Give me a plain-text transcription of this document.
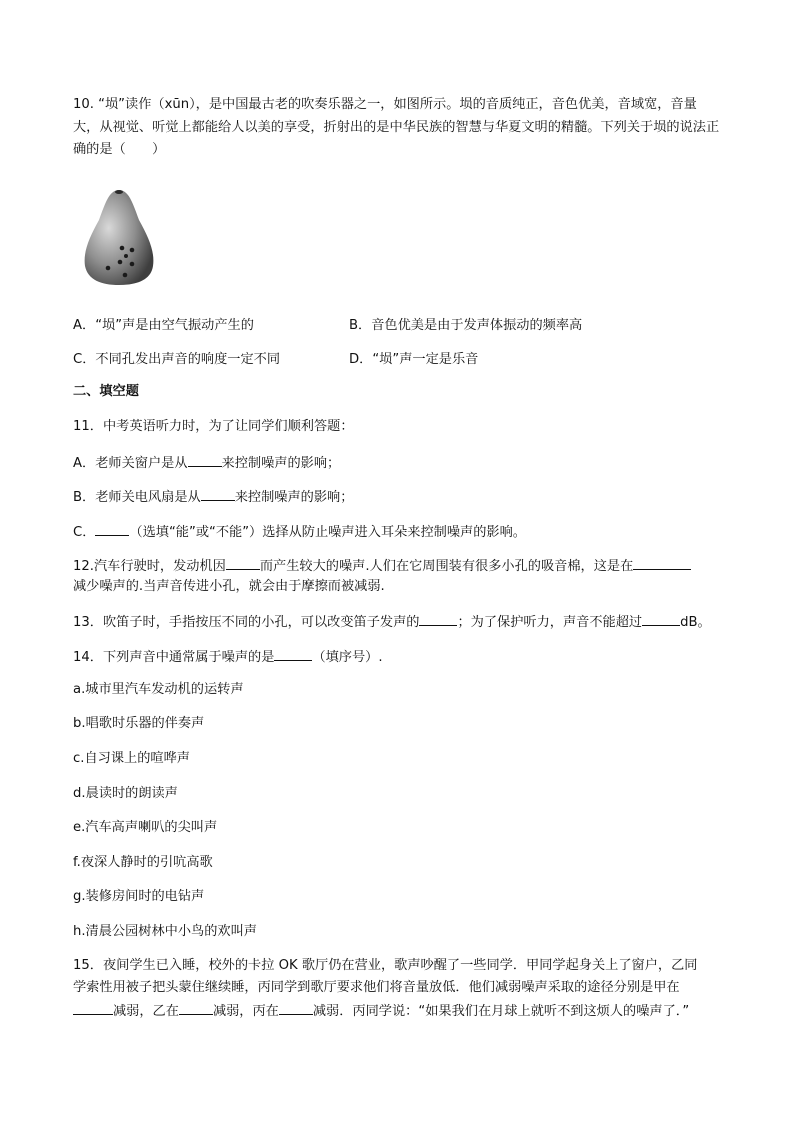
10. “埙”读作（xūn），是中国最古老的吹奏乐器之一，如图所示。埙的音质纯正，音色优美，音域宽，音量大，从视觉、听觉上都能给人以美的享受，折射出的是中华民族的智慧与华夏文明的精髓。下列关于埙的说法正确的是（　　）
A．“埙”声是由空气振动产生的	B．音色优美是由于发声体振动的频率高
C．不同孔发出声音的响度一定不同	D．“埙”声一定是乐音
二、填空题
11．中考英语听力时，为了让同学们顺利答题：
A．老师关窗户是从	来控制噪声的影响；
B．老师关电风扇是从	来控制噪声的影响；
C．	（选填“能”或“不能”）选择从防止噪声进入耳朵来控制噪声的影响。
12.汽车行驶时，发动机因	而产生较大的噪声.人们在它周围装有很多小孔的吸音棉，这是在
减少噪声的.当声音传进小孔，就会由于摩擦而被减弱.
13．吹笛子时，手指按压不同的小孔，可以改变笛子发声的	；为了保护听力，声音不能超过	dB。
14．下列声音中通常属于噪声的是	（填序号）.
a.城市里汽车发动机的运转声
b.唱歌时乐器的伴奏声
c.自习课上的喧哗声
d.晨读时的朗读声
e.汽车高声喇叭的尖叫声
f.夜深人静时的引吭高歌
g.装修房间时的电钻声
h.清晨公园树林中小鸟的欢叫声
15．夜间学生已入睡，校外的卡拉 OK 歌厅仍在营业，歌声吵醒了一些同学．甲同学起身关上了窗户，乙同
学索性用被子把头蒙住继续睡，丙同学到歌厅要求他们将音量放低．他们减弱噪声采取的途径分别是甲在
减弱，乙在	减弱，丙在	减弱．丙同学说：“如果我们在月球上就听不到这烦人的噪声了．”
